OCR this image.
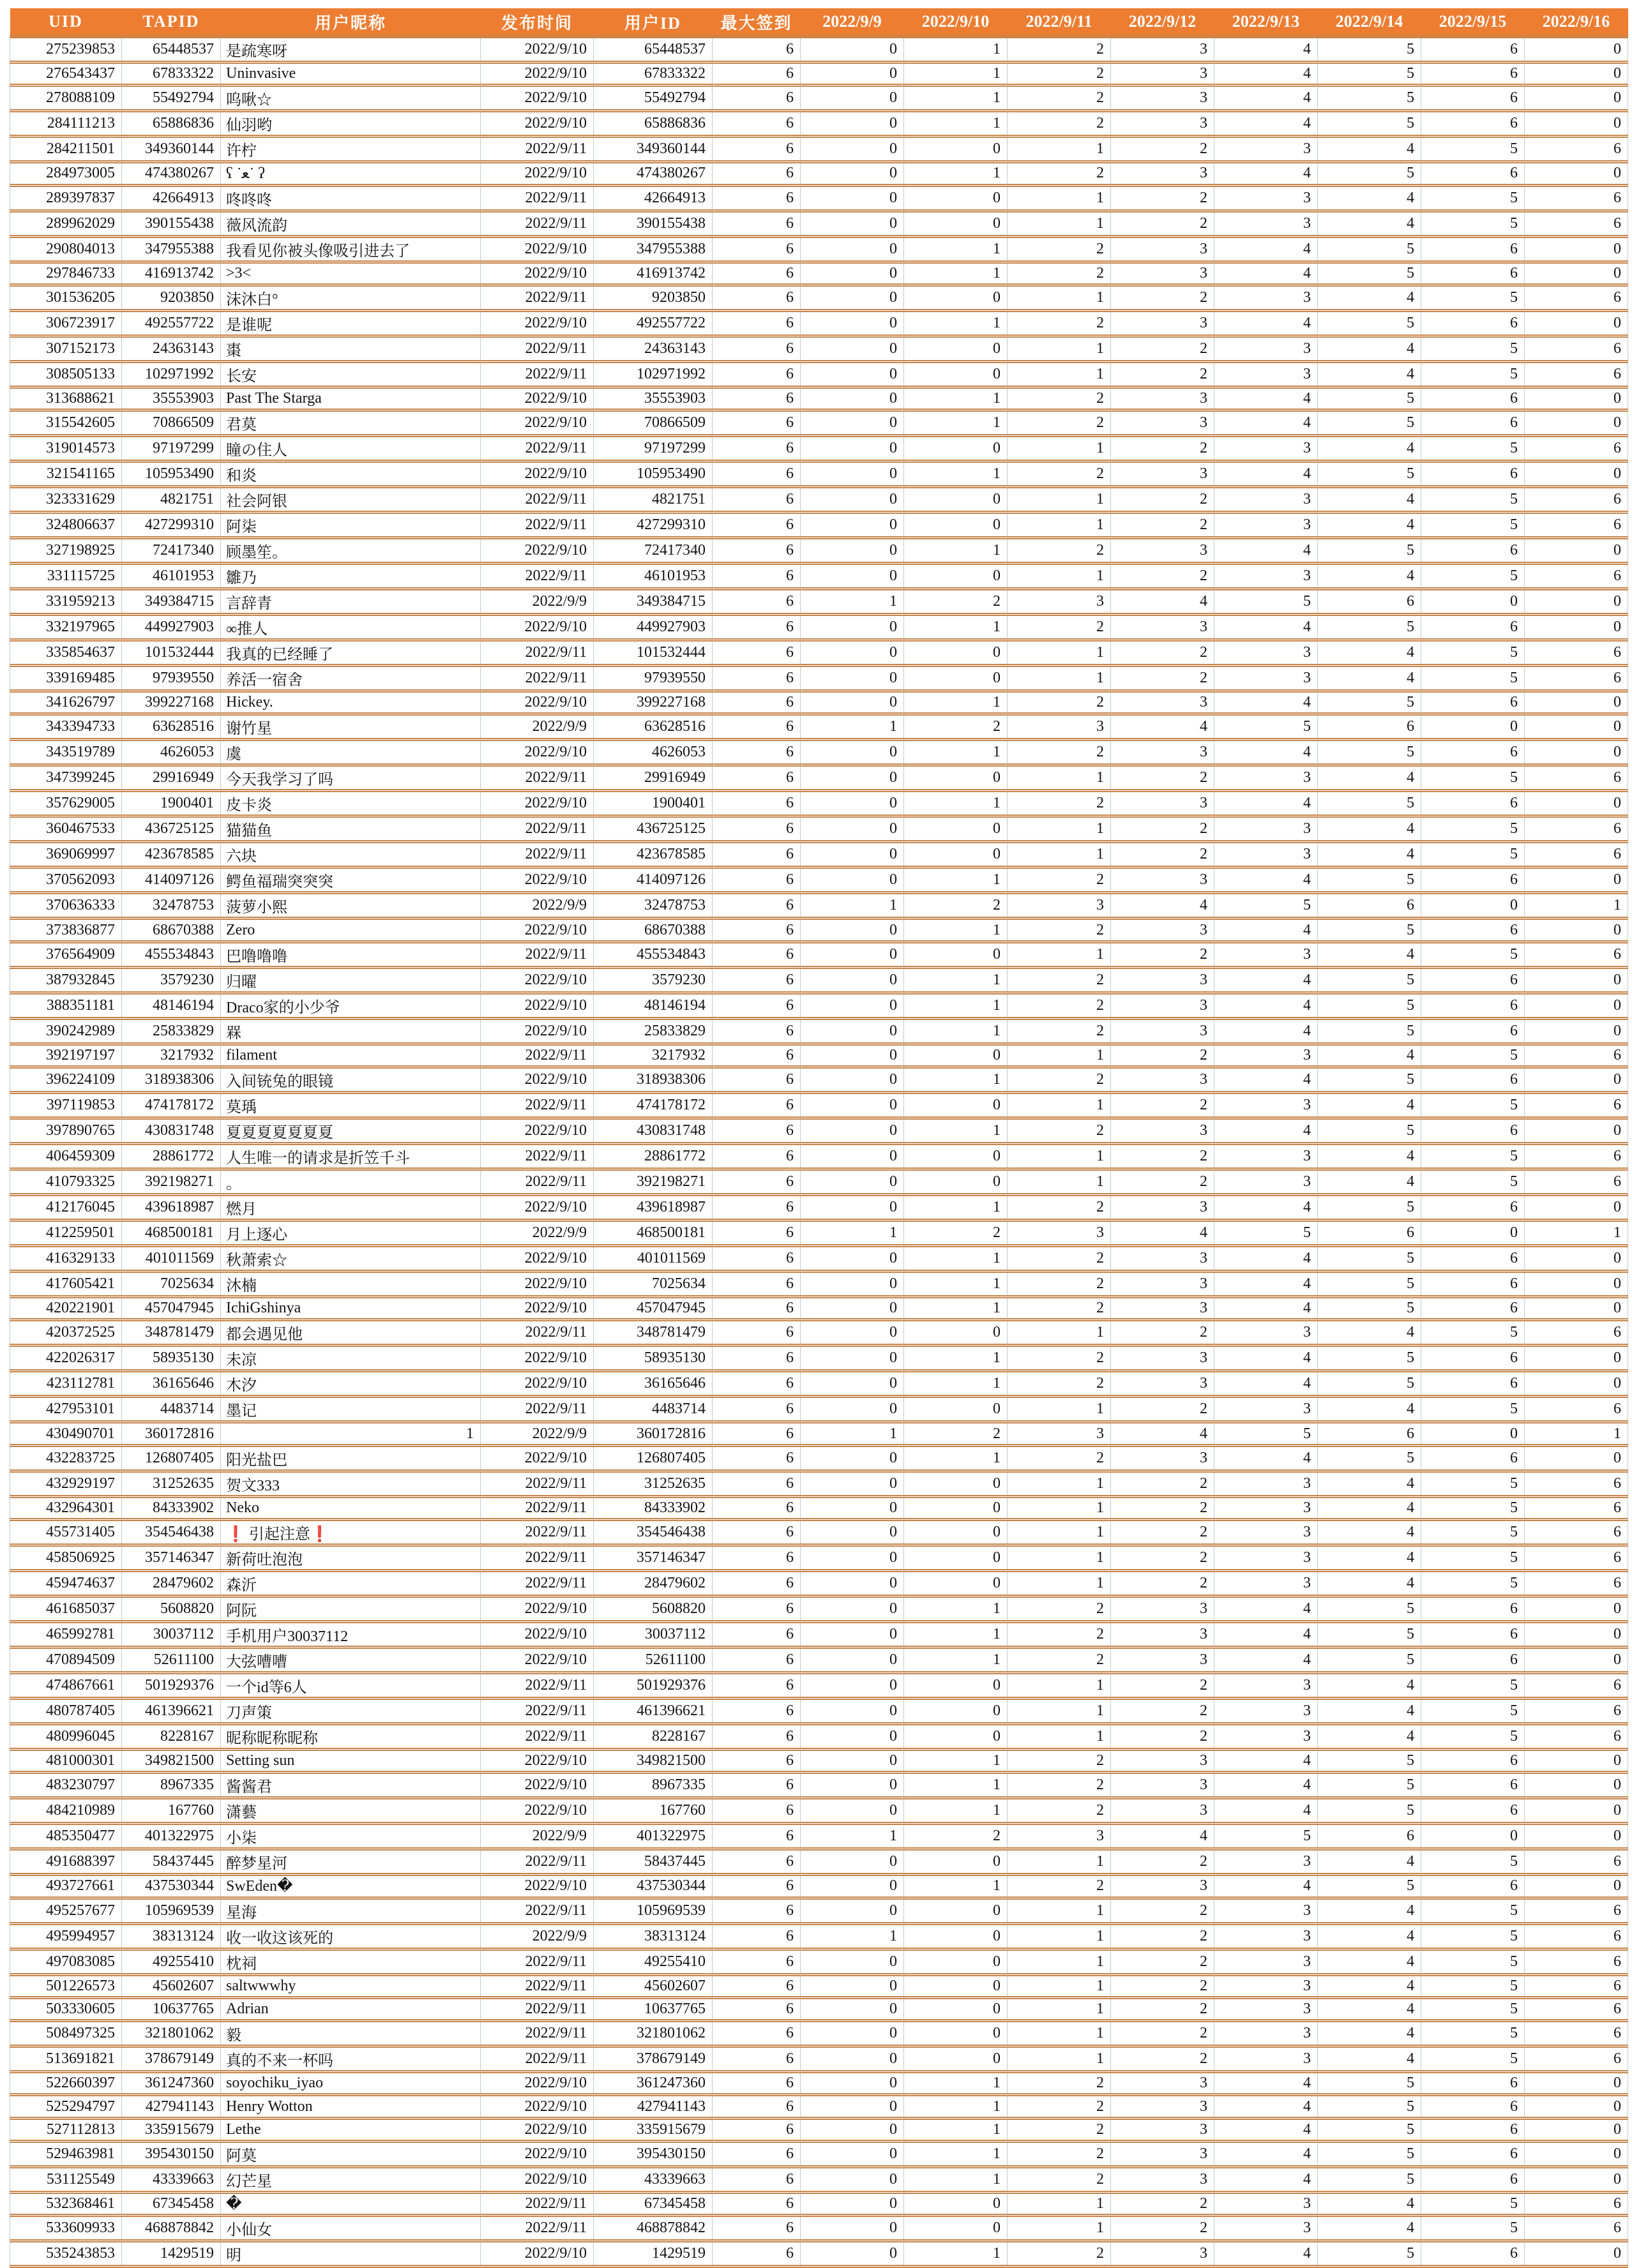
UID	TAPID	用户昵称	发布时间	用户ID	最大签到	2022/9/9	2022/9/10	2022/9/11	2022/9/12	2022/9/13	2022/9/14	2022/9/15	2022/9/16
275239853	65448537	是疏寒呀	2022/9/10	65448537	6	0	1	2	3	4	5	6	0
276543437	67833322	Uninvasive	2022/9/10	67833322	6	0	1	2	3	4	5	6	0
278088109	55492794	呜啾☆	2022/9/10	55492794	6	0	1	2	3	4	5	6	0
284111213	65886836	仙羽哟	2022/9/10	65886836	6	0	1	2	3	4	5	6	0
284211501	349360144	许柠	2022/9/11	349360144	6	0	0	1	2	3	4	5	6
284973005	474380267	ʕ ˙ﻌ˙ ʔ	2022/9/10	474380267	6	0	1	2	3	4	5	6	0
289397837	42664913	咚咚咚	2022/9/11	42664913	6	0	0	1	2	3	4	5	6
289962029	390155438	薇风流韵	2022/9/11	390155438	6	0	0	1	2	3	4	5	6
290804013	347955388	我看见你被头像吸引进去了	2022/9/10	347955388	6	0	1	2	3	4	5	6	0
297846733	416913742	>3<	2022/9/10	416913742	6	0	1	2	3	4	5	6	0
301536205	9203850	沫沐白°	2022/9/11	9203850	6	0	0	1	2	3	4	5	6
306723917	492557722	是谁呢	2022/9/10	492557722	6	0	1	2	3	4	5	6	0
307152173	24363143	棗	2022/9/11	24363143	6	0	0	1	2	3	4	5	6
308505133	102971992	长安	2022/9/11	102971992	6	0	0	1	2	3	4	5	6
313688621	35553903	Past The Starga	2022/9/10	35553903	6	0	1	2	3	4	5	6	0
315542605	70866509	君莫	2022/9/10	70866509	6	0	1	2	3	4	5	6	0
319014573	97197299	瞳の住人	2022/9/11	97197299	6	0	0	1	2	3	4	5	6
321541165	105953490	和炎	2022/9/10	105953490	6	0	1	2	3	4	5	6	0
323331629	4821751	社会阿银	2022/9/11	4821751	6	0	0	1	2	3	4	5	6
324806637	427299310	阿柒	2022/9/11	427299310	6	0	0	1	2	3	4	5	6
327198925	72417340	顾墨笙。	2022/9/10	72417340	6	0	1	2	3	4	5	6	0
331115725	46101953	雛乃	2022/9/11	46101953	6	0	0	1	2	3	4	5	6
331959213	349384715	言辞青	2022/9/9	349384715	6	1	2	3	4	5	6	0	0
332197965	449927903	∞推人	2022/9/10	449927903	6	0	1	2	3	4	5	6	0
335854637	101532444	我真的已经睡了	2022/9/11	101532444	6	0	0	1	2	3	4	5	6
339169485	97939550	养活一宿舍	2022/9/11	97939550	6	0	0	1	2	3	4	5	6
341626797	399227168	Hickey.	2022/9/10	399227168	6	0	1	2	3	4	5	6	0
343394733	63628516	谢竹星	2022/9/9	63628516	6	1	2	3	4	5	6	0	0
343519789	4626053	虞	2022/9/10	4626053	6	0	1	2	3	4	5	6	0
347399245	29916949	今天我学习了吗	2022/9/11	29916949	6	0	0	1	2	3	4	5	6
357629005	1900401	皮卡炎	2022/9/10	1900401	6	0	1	2	3	4	5	6	0
360467533	436725125	猫猫鱼	2022/9/11	436725125	6	0	0	1	2	3	4	5	6
369069997	423678585	六块	2022/9/11	423678585	6	0	0	1	2	3	4	5	6
370562093	414097126	鳄鱼福瑞突突突	2022/9/10	414097126	6	0	1	2	3	4	5	6	0
370636333	32478753	菠萝小熙	2022/9/9	32478753	6	1	2	3	4	5	6	0	1
373836877	68670388	Zero	2022/9/10	68670388	6	0	1	2	3	4	5	6	0
376564909	455534843	巴噜噜噜	2022/9/11	455534843	6	0	0	1	2	3	4	5	6
387932845	3579230	归曜	2022/9/10	3579230	6	0	1	2	3	4	5	6	0
388351181	48146194	Draco家的小少爷	2022/9/10	48146194	6	0	1	2	3	4	5	6	0
390242989	25833829	槑	2022/9/10	25833829	6	0	1	2	3	4	5	6	0
392197197	3217932	filament	2022/9/11	3217932	6	0	0	1	2	3	4	5	6
396224109	318938306	入间铳兔的眼镜	2022/9/10	318938306	6	0	1	2	3	4	5	6	0
397119853	474178172	莫瑀	2022/9/11	474178172	6	0	0	1	2	3	4	5	6
397890765	430831748	夏夏夏夏夏夏夏	2022/9/10	430831748	6	0	1	2	3	4	5	6	0
406459309	28861772	人生唯一的请求是折笠千斗	2022/9/11	28861772	6	0	0	1	2	3	4	5	6
410793325	392198271	。	2022/9/11	392198271	6	0	0	1	2	3	4	5	6
412176045	439618987	燃月	2022/9/10	439618987	6	0	1	2	3	4	5	6	0
412259501	468500181	月上逐心	2022/9/9	468500181	6	1	2	3	4	5	6	0	1
416329133	401011569	秋萧索☆	2022/9/10	401011569	6	0	1	2	3	4	5	6	0
417605421	7025634	沐楠	2022/9/10	7025634	6	0	1	2	3	4	5	6	0
420221901	457047945	IchiGshinya	2022/9/10	457047945	6	0	1	2	3	4	5	6	0
420372525	348781479	都会遇见他	2022/9/11	348781479	6	0	0	1	2	3	4	5	6
422026317	58935130	未凉	2022/9/10	58935130	6	0	1	2	3	4	5	6	0
423112781	36165646	木汐	2022/9/10	36165646	6	0	1	2	3	4	5	6	0
427953101	4483714	墨记	2022/9/11	4483714	6	0	0	1	2	3	4	5	6
430490701	360172816	1	2022/9/9	360172816	6	1	2	3	4	5	6	0	1
432283725	126807405	阳光盐巴	2022/9/10	126807405	6	0	1	2	3	4	5	6	0
432929197	31252635	贺文333	2022/9/11	31252635	6	0	0	1	2	3	4	5	6
432964301	84333902	Neko	2022/9/11	84333902	6	0	0	1	2	3	4	5	6
455731405	354546438	❗ 引起注意❗	2022/9/11	354546438	6	0	0	1	2	3	4	5	6
458506925	357146347	新荷吐泡泡	2022/9/11	357146347	6	0	0	1	2	3	4	5	6
459474637	28479602	森沂	2022/9/11	28479602	6	0	0	1	2	3	4	5	6
461685037	5608820	阿阮	2022/9/10	5608820	6	0	1	2	3	4	5	6	0
465992781	30037112	手机用户30037112	2022/9/10	30037112	6	0	1	2	3	4	5	6	0
470894509	52611100	大弦嘈嘈	2022/9/10	52611100	6	0	1	2	3	4	5	6	0
474867661	501929376	一个id等6人	2022/9/11	501929376	6	0	0	1	2	3	4	5	6
480787405	461396621	刀声策	2022/9/11	461396621	6	0	0	1	2	3	4	5	6
480996045	8228167	昵称昵称昵称	2022/9/11	8228167	6	0	0	1	2	3	4	5	6
481000301	349821500	Setting sun	2022/9/10	349821500	6	0	1	2	3	4	5	6	0
483230797	8967335	酱酱君	2022/9/10	8967335	6	0	1	2	3	4	5	6	0
484210989	167760	潇藝	2022/9/10	167760	6	0	1	2	3	4	5	6	0
485350477	401322975	小柒	2022/9/9	401322975	6	1	2	3	4	5	6	0	0
491688397	58437445	醉梦星河	2022/9/11	58437445	6	0	0	1	2	3	4	5	6
493727661	437530344	SwEden�	2022/9/10	437530344	6	0	1	2	3	4	5	6	0
495257677	105969539	星海	2022/9/11	105969539	6	0	0	1	2	3	4	5	6
495994957	38313124	收一收这该死的	2022/9/9	38313124	6	1	0	1	2	3	4	5	6
497083085	49255410	枕祠	2022/9/11	49255410	6	0	0	1	2	3	4	5	6
501226573	45602607	saltwwwhy	2022/9/11	45602607	6	0	0	1	2	3	4	5	6
503330605	10637765	Adrian	2022/9/11	10637765	6	0	0	1	2	3	4	5	6
508497325	321801062	毅	2022/9/11	321801062	6	0	0	1	2	3	4	5	6
513691821	378679149	真的不来一杯吗	2022/9/11	378679149	6	0	0	1	2	3	4	5	6
522660397	361247360	soyochiku_iyao	2022/9/10	361247360	6	0	1	2	3	4	5	6	0
525294797	427941143	Henry Wotton	2022/9/10	427941143	6	0	1	2	3	4	5	6	0
527112813	335915679	Lethe	2022/9/10	335915679	6	0	1	2	3	4	5	6	0
529463981	395430150	阿莫	2022/9/10	395430150	6	0	1	2	3	4	5	6	0
531125549	43339663	幻芒星	2022/9/10	43339663	6	0	1	2	3	4	5	6	0
532368461	67345458	�	2022/9/11	67345458	6	0	0	1	2	3	4	5	6
533609933	468878842	小仙女	2022/9/11	468878842	6	0	0	1	2	3	4	5	6
535243853	1429519	明	2022/9/10	1429519	6	0	1	2	3	4	5	6	0
